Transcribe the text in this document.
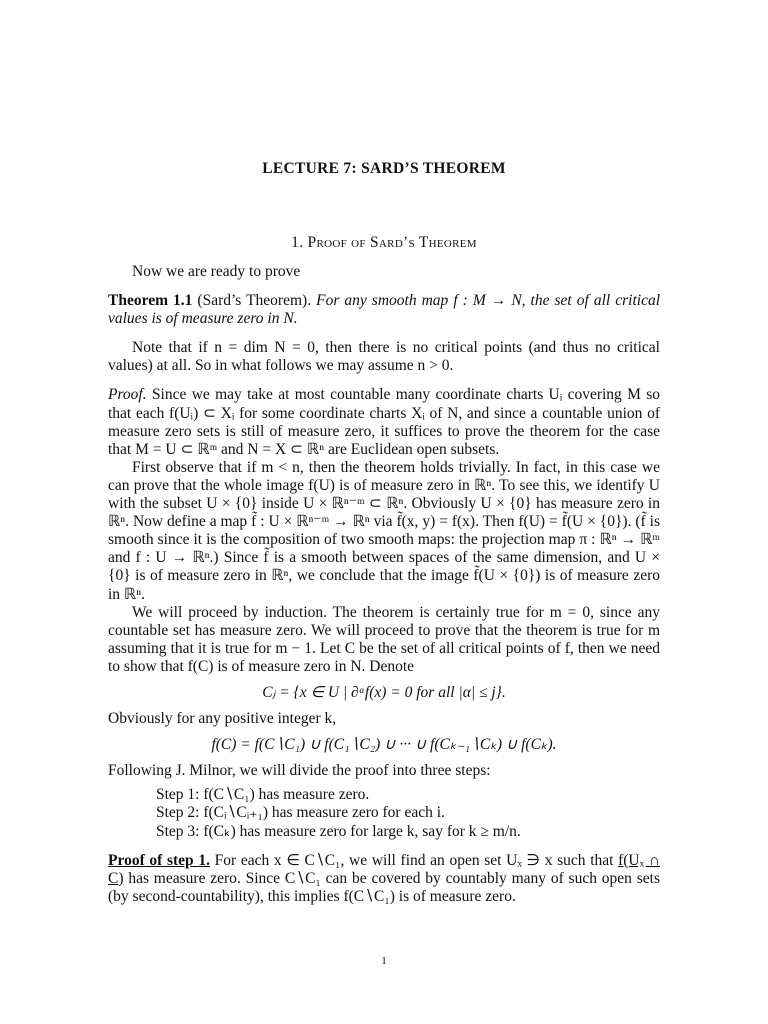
LECTURE 7: SARD’S THEOREM
1. Proof of Sard’s Theorem

Now we are ready to prove

Theorem 1.1 (Sard’s Theorem). For any smooth map f : M → N, the set of all critical values is of measure zero in N.

Note that if n = dim N = 0, then there is no critical points (and thus no critical values) at all. So in what follows we may assume n > 0.

Proof. Since we may take at most countable many coordinate charts Uᵢ covering M so that each f(Uᵢ) ⊂ Xᵢ for some coordinate charts Xᵢ of N, and since a countable union of measure zero sets is still of measure zero, it suffices to prove the theorem for the case that M = U ⊂ ℝᵐ and N = X ⊂ ℝⁿ are Euclidean open subsets.

First observe that if m < n, then the theorem holds trivially. In fact, in this case we can prove that the whole image f(U) is of measure zero in ℝⁿ. To see this, we identify U with the subset U × {0} inside U × ℝⁿ⁻ᵐ ⊂ ℝⁿ. Obviously U × {0} has measure zero in ℝⁿ. Now define a map f̃ : U × ℝⁿ⁻ᵐ → ℝⁿ via f̃(x, y) = f(x). Then f(U) = f̃(U × {0}). (f̃ is smooth since it is the composition of two smooth maps: the projection map π : ℝⁿ → ℝᵐ and f : U → ℝⁿ.) Since f̃ is a smooth between spaces of the same dimension, and U × {0} is of measure zero in ℝⁿ, we conclude that the image f̃(U × {0}) is of measure zero in ℝⁿ.

We will proceed by induction. The theorem is certainly true for m = 0, since any countable set has measure zero. We will proceed to prove that the theorem is true for m assuming that it is true for m − 1. Let C be the set of all critical points of f, then we need to show that f(C) is of measure zero in N. Denote

Cⱼ = {x ∈ U | ∂ᵅf(x) = 0 for all |α| ≤ j}.

Obviously for any positive integer k,

f(C) = f(C∖C₁) ∪ f(C₁∖C₂) ∪ ··· ∪ f(Cₖ₋₁∖Cₖ) ∪ f(Cₖ).

Following J. Milnor, we will divide the proof into three steps:

Step 1: f(C∖C₁) has measure zero.

Step 2: f(Cᵢ∖Cᵢ₊₁) has measure zero for each i.

Step 3: f(Cₖ) has measure zero for large k, say for k ≥ m/n.

Proof of step 1. For each x ∈ C∖C₁, we will find an open set Uₓ ∋ x such that f(Uₓ ∩ C) has measure zero. Since C∖C₁ can be covered by countably many of such open sets (by second-countability), this implies f(C∖C₁) is of measure zero.

1
